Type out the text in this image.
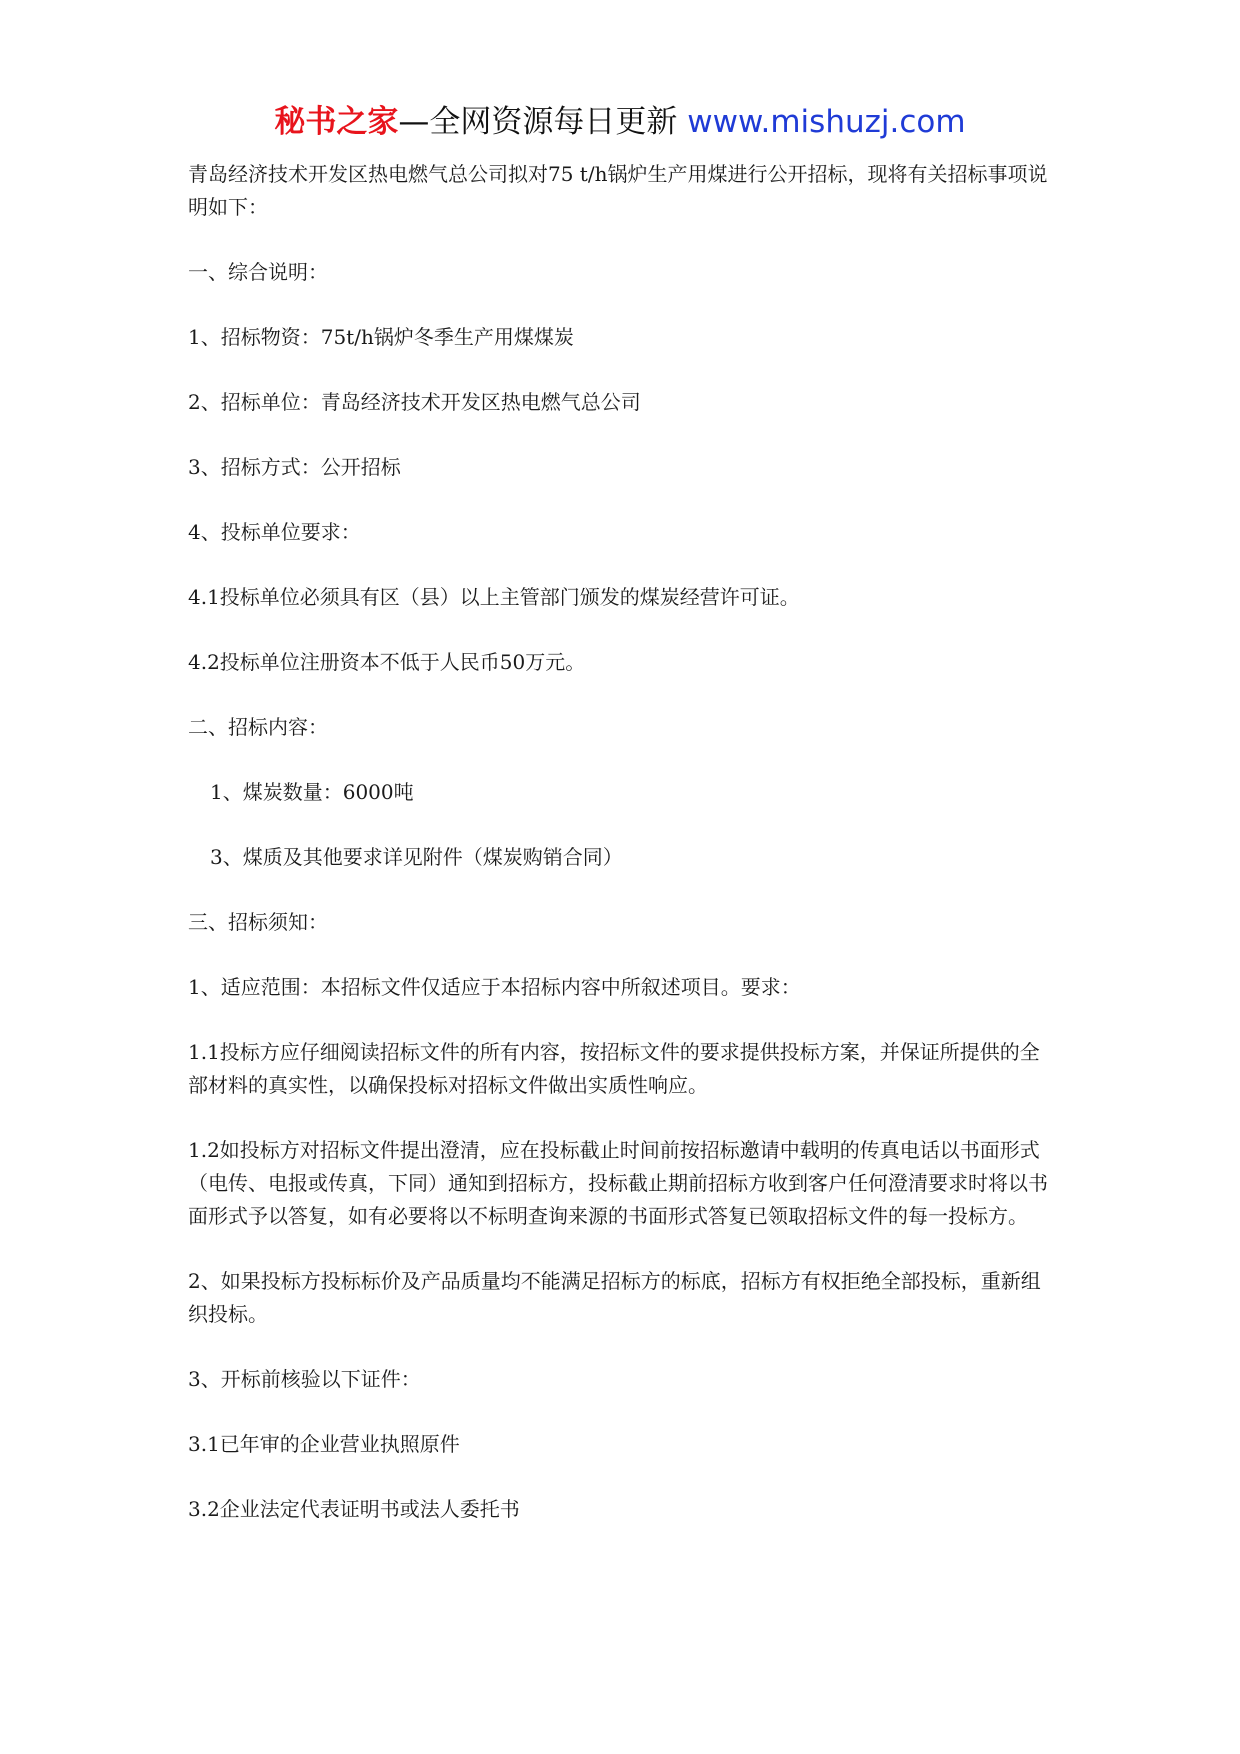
秘书之家—全网资源每日更新 www.mishuzj.com

青岛经济技术开发区热电燃气总公司拟对75 t/h锅炉生产用煤进行公开招标，现将有关招标事项说明如下：

一、综合说明：

1、招标物资：75t/h锅炉冬季生产用煤煤炭

2、招标单位：青岛经济技术开发区热电燃气总公司

3、招标方式：公开招标

4、投标单位要求：

4.1投标单位必须具有区（县）以上主管部门颁发的煤炭经营许可证。

4.2投标单位注册资本不低于人民币50万元。

二、招标内容：

1、煤炭数量：6000吨

3、煤质及其他要求详见附件（煤炭购销合同）

三、招标须知：

1、适应范围：本招标文件仅适应于本招标内容中所叙述项目。要求：

1.1投标方应仔细阅读招标文件的所有内容，按招标文件的要求提供投标方案，并保证所提供的全部材料的真实性，以确保投标对招标文件做出实质性响应。

1.2如投标方对招标文件提出澄清，应在投标截止时间前按招标邀请中载明的传真电话以书面形式（电传、电报或传真，下同）通知到招标方，投标截止期前招标方收到客户任何澄清要求时将以书面形式予以答复，如有必要将以不标明查询来源的书面形式答复已领取招标文件的每一投标方。

2、如果投标方投标标价及产品质量均不能满足招标方的标底，招标方有权拒绝全部投标，重新组织投标。

3、开标前核验以下证件：

3.1已年审的企业营业执照原件

3.2企业法定代表证明书或法人委托书
